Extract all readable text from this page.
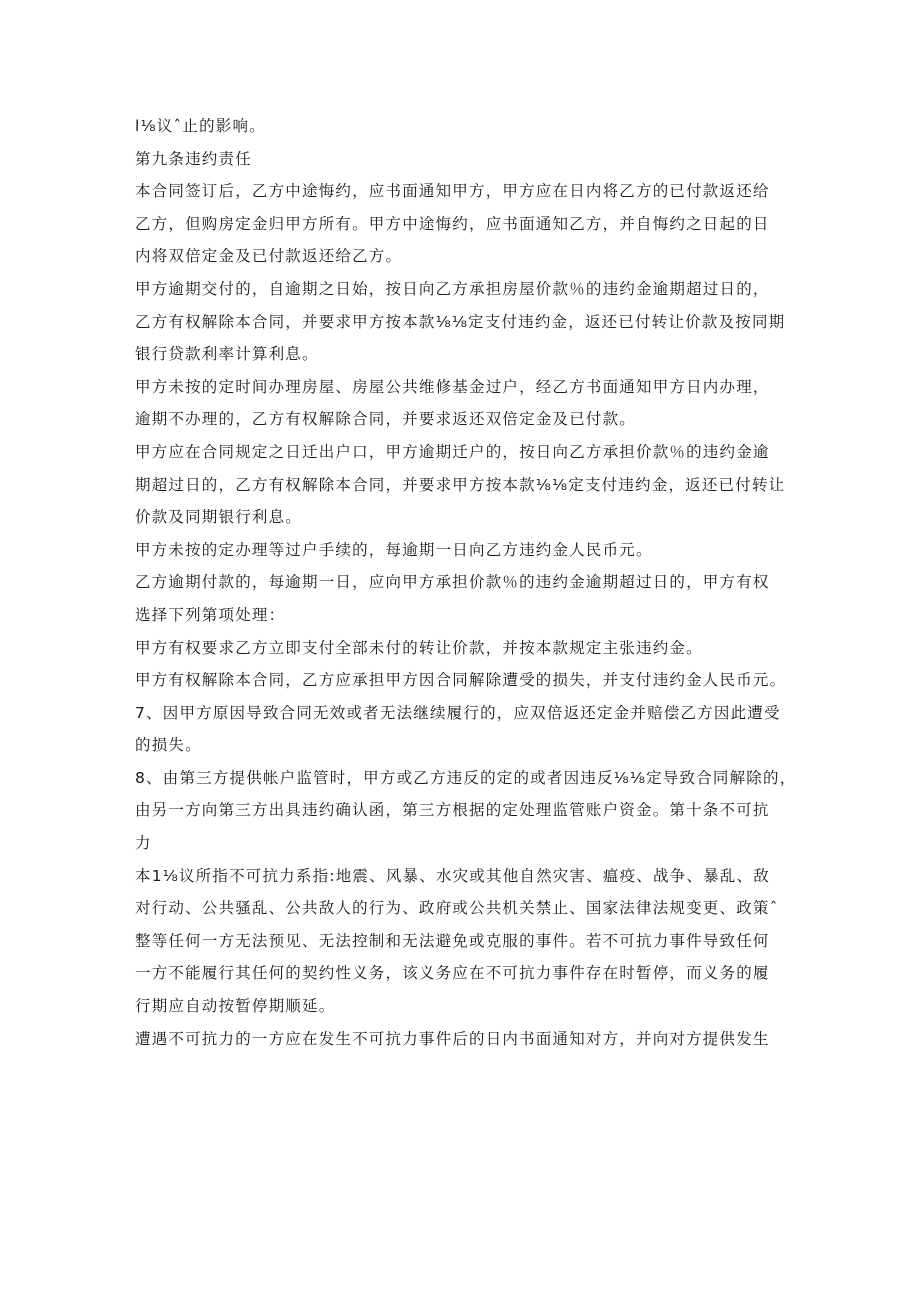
l⅛议ˆ止的影响。
第九条违约责任
本合同签订后，乙方中途悔约，应书面通知甲方，甲方应在日内将乙方的已付款返还给
乙方，但购房定金归甲方所有。甲方中途悔约，应书面通知乙方，并自悔约之日起的日
内将双倍定金及已付款返还给乙方。
甲方逾期交付的，自逾期之日始，按日向乙方承担房屋价款％的违约金逾期超过日的，
乙方有权解除本合同，并要求甲方按本款⅛⅛定支付违约金，返还已付转让价款及按同期
银行贷款利率计算利息。
甲方未按的定时间办理房屋、房屋公共维修基金过户，经乙方书面通知甲方日内办理，
逾期不办理的，乙方有权解除合同，并要求返还双倍定金及已付款。
甲方应在合同规定之日迁出户口，甲方逾期迁户的，按日向乙方承担价款％的违约金逾
期超过日的，乙方有权解除本合同，并要求甲方按本款⅛⅛定支付违约金，返还已付转让
价款及同期银行利息。
甲方未按的定办理等过户手续的，每逾期一日向乙方违约金人民币元。
乙方逾期付款的，每逾期一日，应向甲方承担价款％的违约金逾期超过日的，甲方有权
选择下列第项处理：
甲方有权要求乙方立即支付全部未付的转让价款，并按本款规定主张违约金。
甲方有权解除本合同，乙方应承担甲方因合同解除遭受的损失，并支付违约金人民币元。
7、因甲方原因导致合同无效或者无法继续履行的，应双倍返还定金并赔偿乙方因此遭受
的损失。
8、由第三方提供帐户监管时，甲方或乙方违反的定的或者因违反⅛⅛定导致合同解除的，
由另一方向第三方出具违约确认函，第三方根据的定处理监管账户资金。第十条不可抗
力
本1⅛议所指不可抗力系指:地震、风暴、水灾或其他自然灾害、瘟疫、战争、暴乱、敌
对行动、公共骚乱、公共敌人的行为、政府或公共机关禁止、国家法律法规变更、政策ˆ
整等任何一方无法预见、无法控制和无法避免或克服的事件。若不可抗力事件导致任何
一方不能履行其任何的契约性义务，该义务应在不可抗力事件存在时暂停，而义务的履
行期应自动按暂停期顺延。
遭遇不可抗力的一方应在发生不可抗力事件后的日内书面通知对方，并向对方提供发生
